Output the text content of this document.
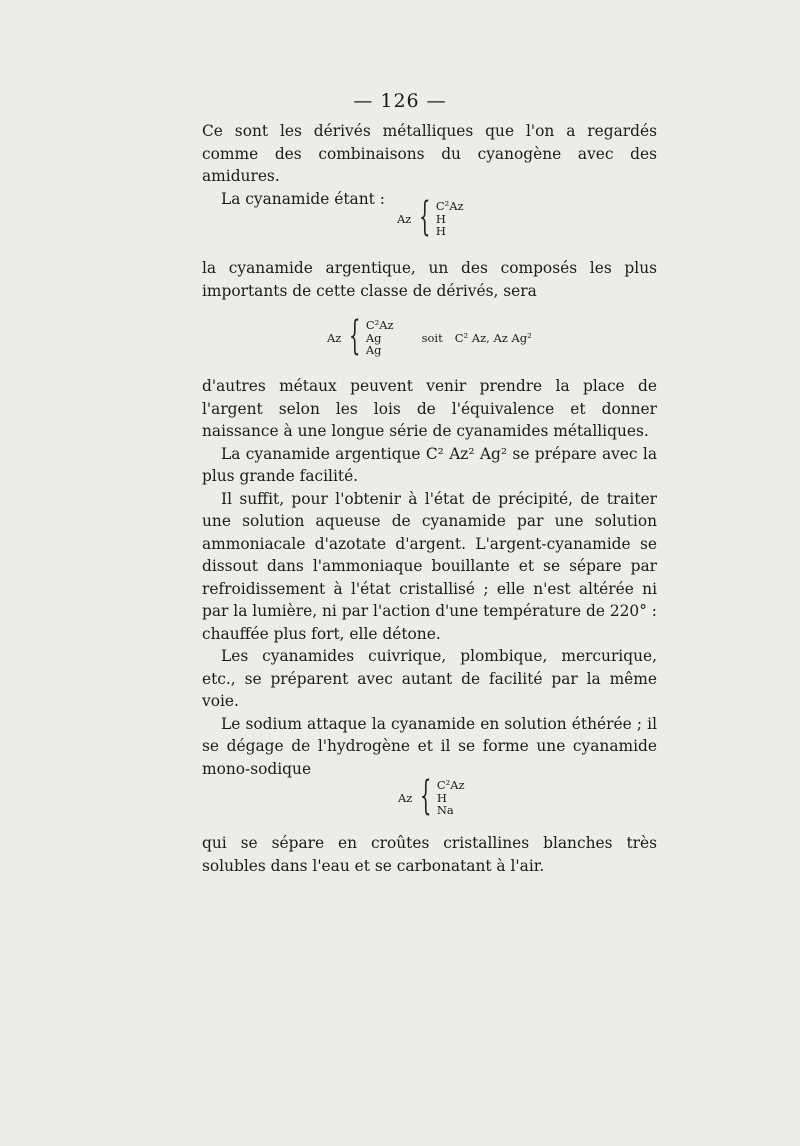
— 126 —

Ce sont les dérivés métalliques que l'on a regardés comme des combinaisons du cyanogène avec des amidures.

La cyanamide étant :

Az { C²Az
H
H

la cyanamide argentique, un des composés les plus importants de cette classe de dérivés, sera

Az { C²Az
Ag
Ag
soit C² Az, Az Ag²

d'autres métaux peuvent venir prendre la place de l'argent selon les lois de l'équivalence et donner naissance à une longue série de cyanamides métalliques.

La cyanamide argentique C² Az² Ag² se prépare avec la plus grande facilité.

Il suffit, pour l'obtenir à l'état de précipité, de traiter une solution aqueuse de cyanamide par une solution ammoniacale d'azotate d'argent. L'argent-cyanamide se dissout dans l'ammoniaque bouillante et se sépare par refroidissement à l'état cristallisé ; elle n'est altérée ni par la lumière, ni par l'action d'une température de 220° : chauffée plus fort, elle détone.

Les cyanamides cuivrique, plombique, mercurique, etc., se préparent avec autant de facilité par la même voie.

Le sodium attaque la cyanamide en solution éthérée ; il se dégage de l'hydrogène et il se forme une cyanamide mono-sodique

Az { C²Az
H
Na

qui se sépare en croûtes cristallines blanches très solubles dans l'eau et se carbonatant à l'air.
